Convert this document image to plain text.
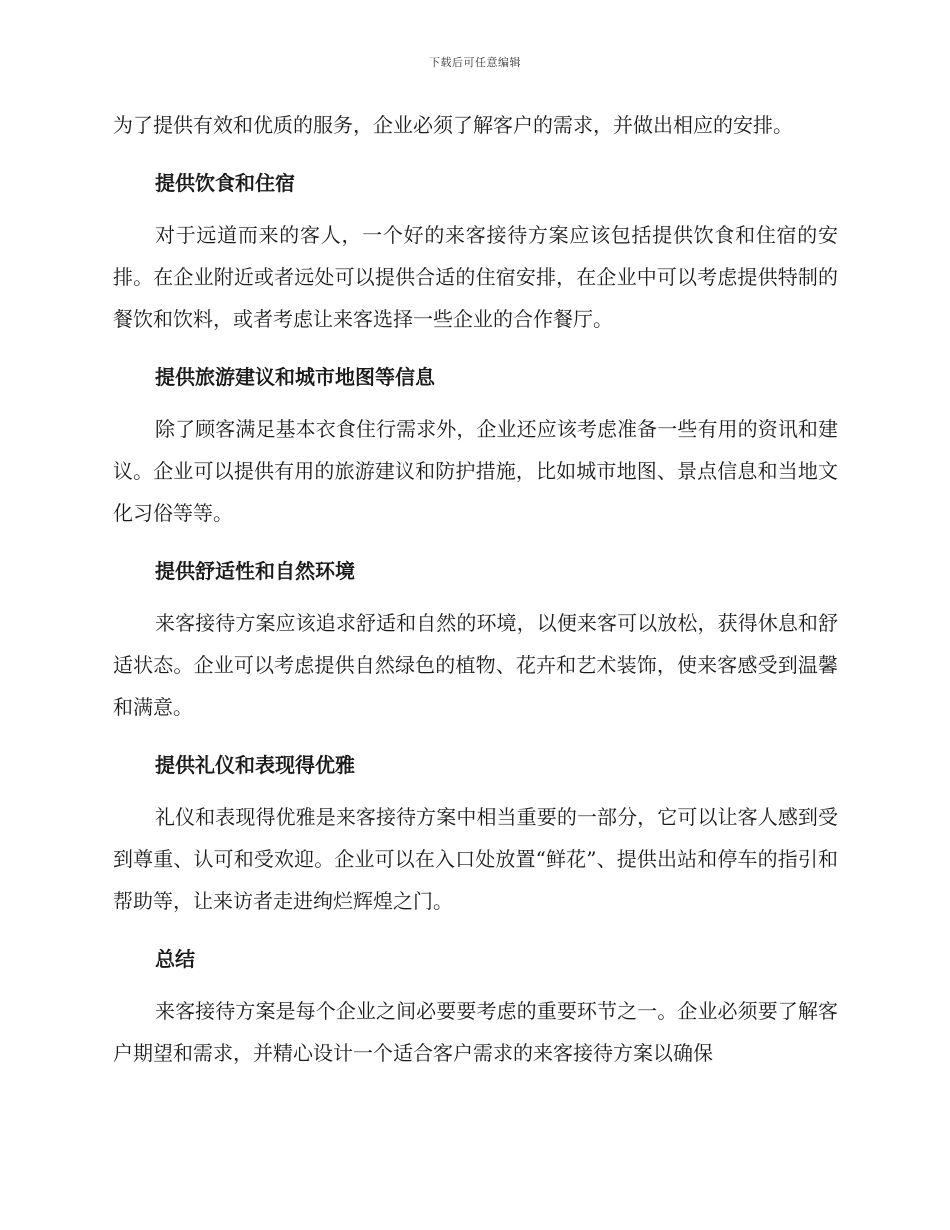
下载后可任意编辑

为了提供有效和优质的服务，企业必须了解客户的需求，并做出相应的安排。

提供饮食和住宿

对于远道而来的客人，一个好的来客接待方案应该包括提供饮食和住宿的安排。在企业附近或者远处可以提供合适的住宿安排，在企业中可以考虑提供特制的餐饮和饮料，或者考虑让来客选择一些企业的合作餐厅。

提供旅游建议和城市地图等信息

除了顾客满足基本衣食住行需求外，企业还应该考虑准备一些有用的资讯和建议。企业可以提供有用的旅游建议和防护措施，比如城市地图、景点信息和当地文化习俗等等。

提供舒适性和自然环境

来客接待方案应该追求舒适和自然的环境，以便来客可以放松，获得休息和舒适状态。企业可以考虑提供自然绿色的植物、花卉和艺术装饰，使来客感受到温馨和满意。

提供礼仪和表现得优雅

礼仪和表现得优雅是来客接待方案中相当重要的一部分，它可以让客人感到受到尊重、认可和受欢迎。企业可以在入口处放置“鲜花”、提供出站和停车的指引和帮助等，让来访者走进绚烂辉煌之门。

总结

来客接待方案是每个企业之间必要要考虑的重要环节之一。企业必须要了解客户期望和需求，并精心设计一个适合客户需求的来客接待方案以确保
